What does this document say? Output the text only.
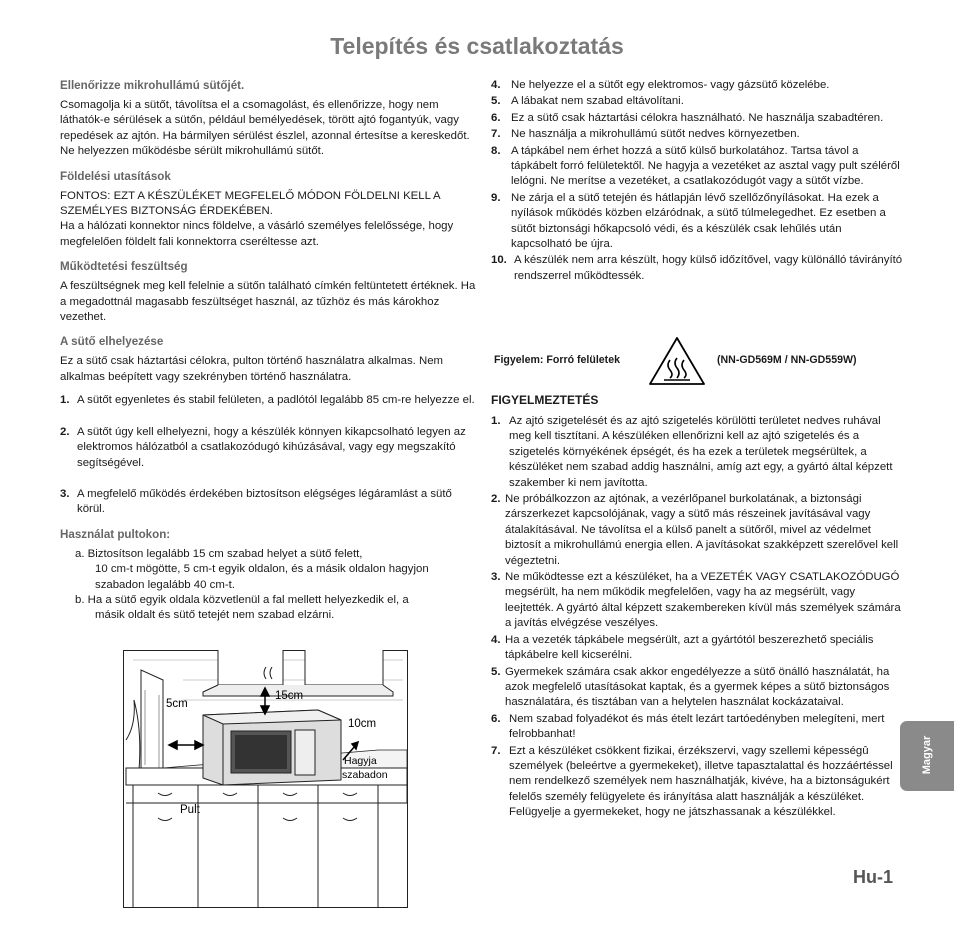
Telepítés és csatlakoztatás
Ellenőrizze mikrohullámú sütőjét.

Csomagolja ki a sütőt, távolítsa el a csomagolást, és ellenőrizze, hogy nem láthatók-e sérülések a sütőn, például bemélyedések, törött ajtó fogantyúk, vagy repedések az ajtón. Ha bármilyen sérülést észlel, azonnal értesítse a kereskedőt. Ne helyezzen működésbe sérült mikrohullámú sütőt.

Földelési utasítások

FONTOS: EZT A KÉSZÜLÉKET MEGFELELŐ MÓDON FÖLDELNI KELL A SZEMÉLYES BIZTONSÁG ÉRDEKÉBEN.

Ha a hálózati konnektor nincs földelve, a vásárló személyes felelőssége, hogy megfelelően földelt fali konnektorra cseréltesse azt.

Működtetési feszültség

A feszültségnek meg kell felelnie a sütőn található címkén feltüntetett értéknek. Ha a megadottnál magasabb feszültséget használ, az tűzhöz és más károkhoz vezethet.

A sütő elhelyezése

Ez a sütő csak háztartási célokra, pulton történő használatra alkalmas. Nem alkalmas beépített vagy szekrényben történő használatra.

1. A sütőt egyenletes és stabil felületen, a padlótól legalább 85 cm-re helyezze el.
2. A sütőt úgy kell elhelyezni, hogy a készülék könnyen kikapcsolható legyen az elektromos hálózatból a csatlakozódugó kihúzásával, vagy egy megszakító segítségével.
3. A megfelelő működés érdekében biztosítson elégséges légáramlást a sütő körül.
Használat pultokon:
a. Biztosítson legalább 15 cm szabad helyet a sütő felett,
10 cm-t mögötte, 5 cm-t egyik oldalon, és a másik oldalon hagyjon szabadon legalább 40 cm-t.
b. Ha a sütő egyik oldala közvetlenül a fal mellett helyezkedik el, a
másik oldalt és sütő tetejét nem szabad elzárni.
5cm
15cm
10cm
Hagyja
szabadon
Pult
4. Ne helyezze el a sütőt egy elektromos- vagy gázsütő közelébe.
5. A lábakat nem szabad eltávolítani.
6. Ez a sütő csak háztartási célokra használható. Ne használja szabadtéren.
7. Ne használja a mikrohullámú sütőt nedves környezetben.
8. A tápkábel nem érhet hozzá a sütő külső burkolatához. Tartsa távol a tápkábelt forró felületektől. Ne hagyja a vezetéket az asztal vagy pult széléről lelógni. Ne merítse a vezetéket, a csatlakozódugót vagy a sütőt vízbe.
9. Ne zárja el a sütő tetején és hátlapján lévő szellőzőnyílásokat. Ha ezek a nyílások működés közben elzáródnak, a sütő túlmelegedhet. Ez esetben a sütőt biztonsági hőkapcsoló védi, és a készülék csak lehűlés után kapcsolható be újra.
10. A készülék nem arra készült, hogy külső időzítővel, vagy különálló távirányító rendszerrel működtessék.
Figyelem: Forró felületek	(NN-GD569M / NN-GD559W)
FIGYELMEZTETÉS
1. Az ajtó szigetelését és az ajtó szigetelés körülötti területet nedves ruhával meg kell tisztítani. A készüléken ellenőrizni kell az ajtó szigetelés és a szigetelés környékének épségét, és ha ezek a területek megsérültek, a készüléket nem szabad addig használni, amíg azt egy, a gyártó által képzett szakember ki nem javította.
2. Ne próbálkozzon az ajtónak, a vezérlőpanel burkolatának, a biztonsági zárszerkezet kapcsolójának, vagy a sütő más részeinek javításával vagy átalakításával. Ne távolítsa el a külső panelt a sütőről, mivel az védelmet biztosít a mikrohullámú energia ellen. A javításokat szakképzett szerelővel kell végeztetni.
3. Ne működtesse ezt a készüléket, ha a VEZETÉK VAGY CSATLAKOZÓDUGÓ megsérült, ha nem működik megfelelően, vagy ha az megsérült, vagy leejtették. A gyártó által képzett szakembereken kívül más személyek számára a javítás elvégzése veszélyes.
4. Ha a vezeték tápkábele megsérült, azt a gyártótól beszerezhető speciális tápkábelre kell kicserélni.
5. Gyermekek számára csak akkor engedélyezze a sütő önálló használatát, ha azok megfelelő utasításokat kaptak, és a gyermek képes a sütő biztonságos használatára, és tisztában van a helytelen használat kockázataival.
6. Nem szabad folyadékot és más ételt lezárt tartóedényben melegíteni, mert felrobbanhat!
7. Ezt a készüléket csökkent fizikai, érzékszervi, vagy szellemi képességû személyek (beleértve a gyermekeket), illetve tapasztalattal és hozzáértéssel nem rendelkező személyek nem használhatják, kivéve, ha a biztonságukért felelős személy felügyelete és irányítása alatt használják a készüléket. Felügyelje a gyermekeket, hogy ne játszhassanak a készülékkel.
Magyar
Hu-1
